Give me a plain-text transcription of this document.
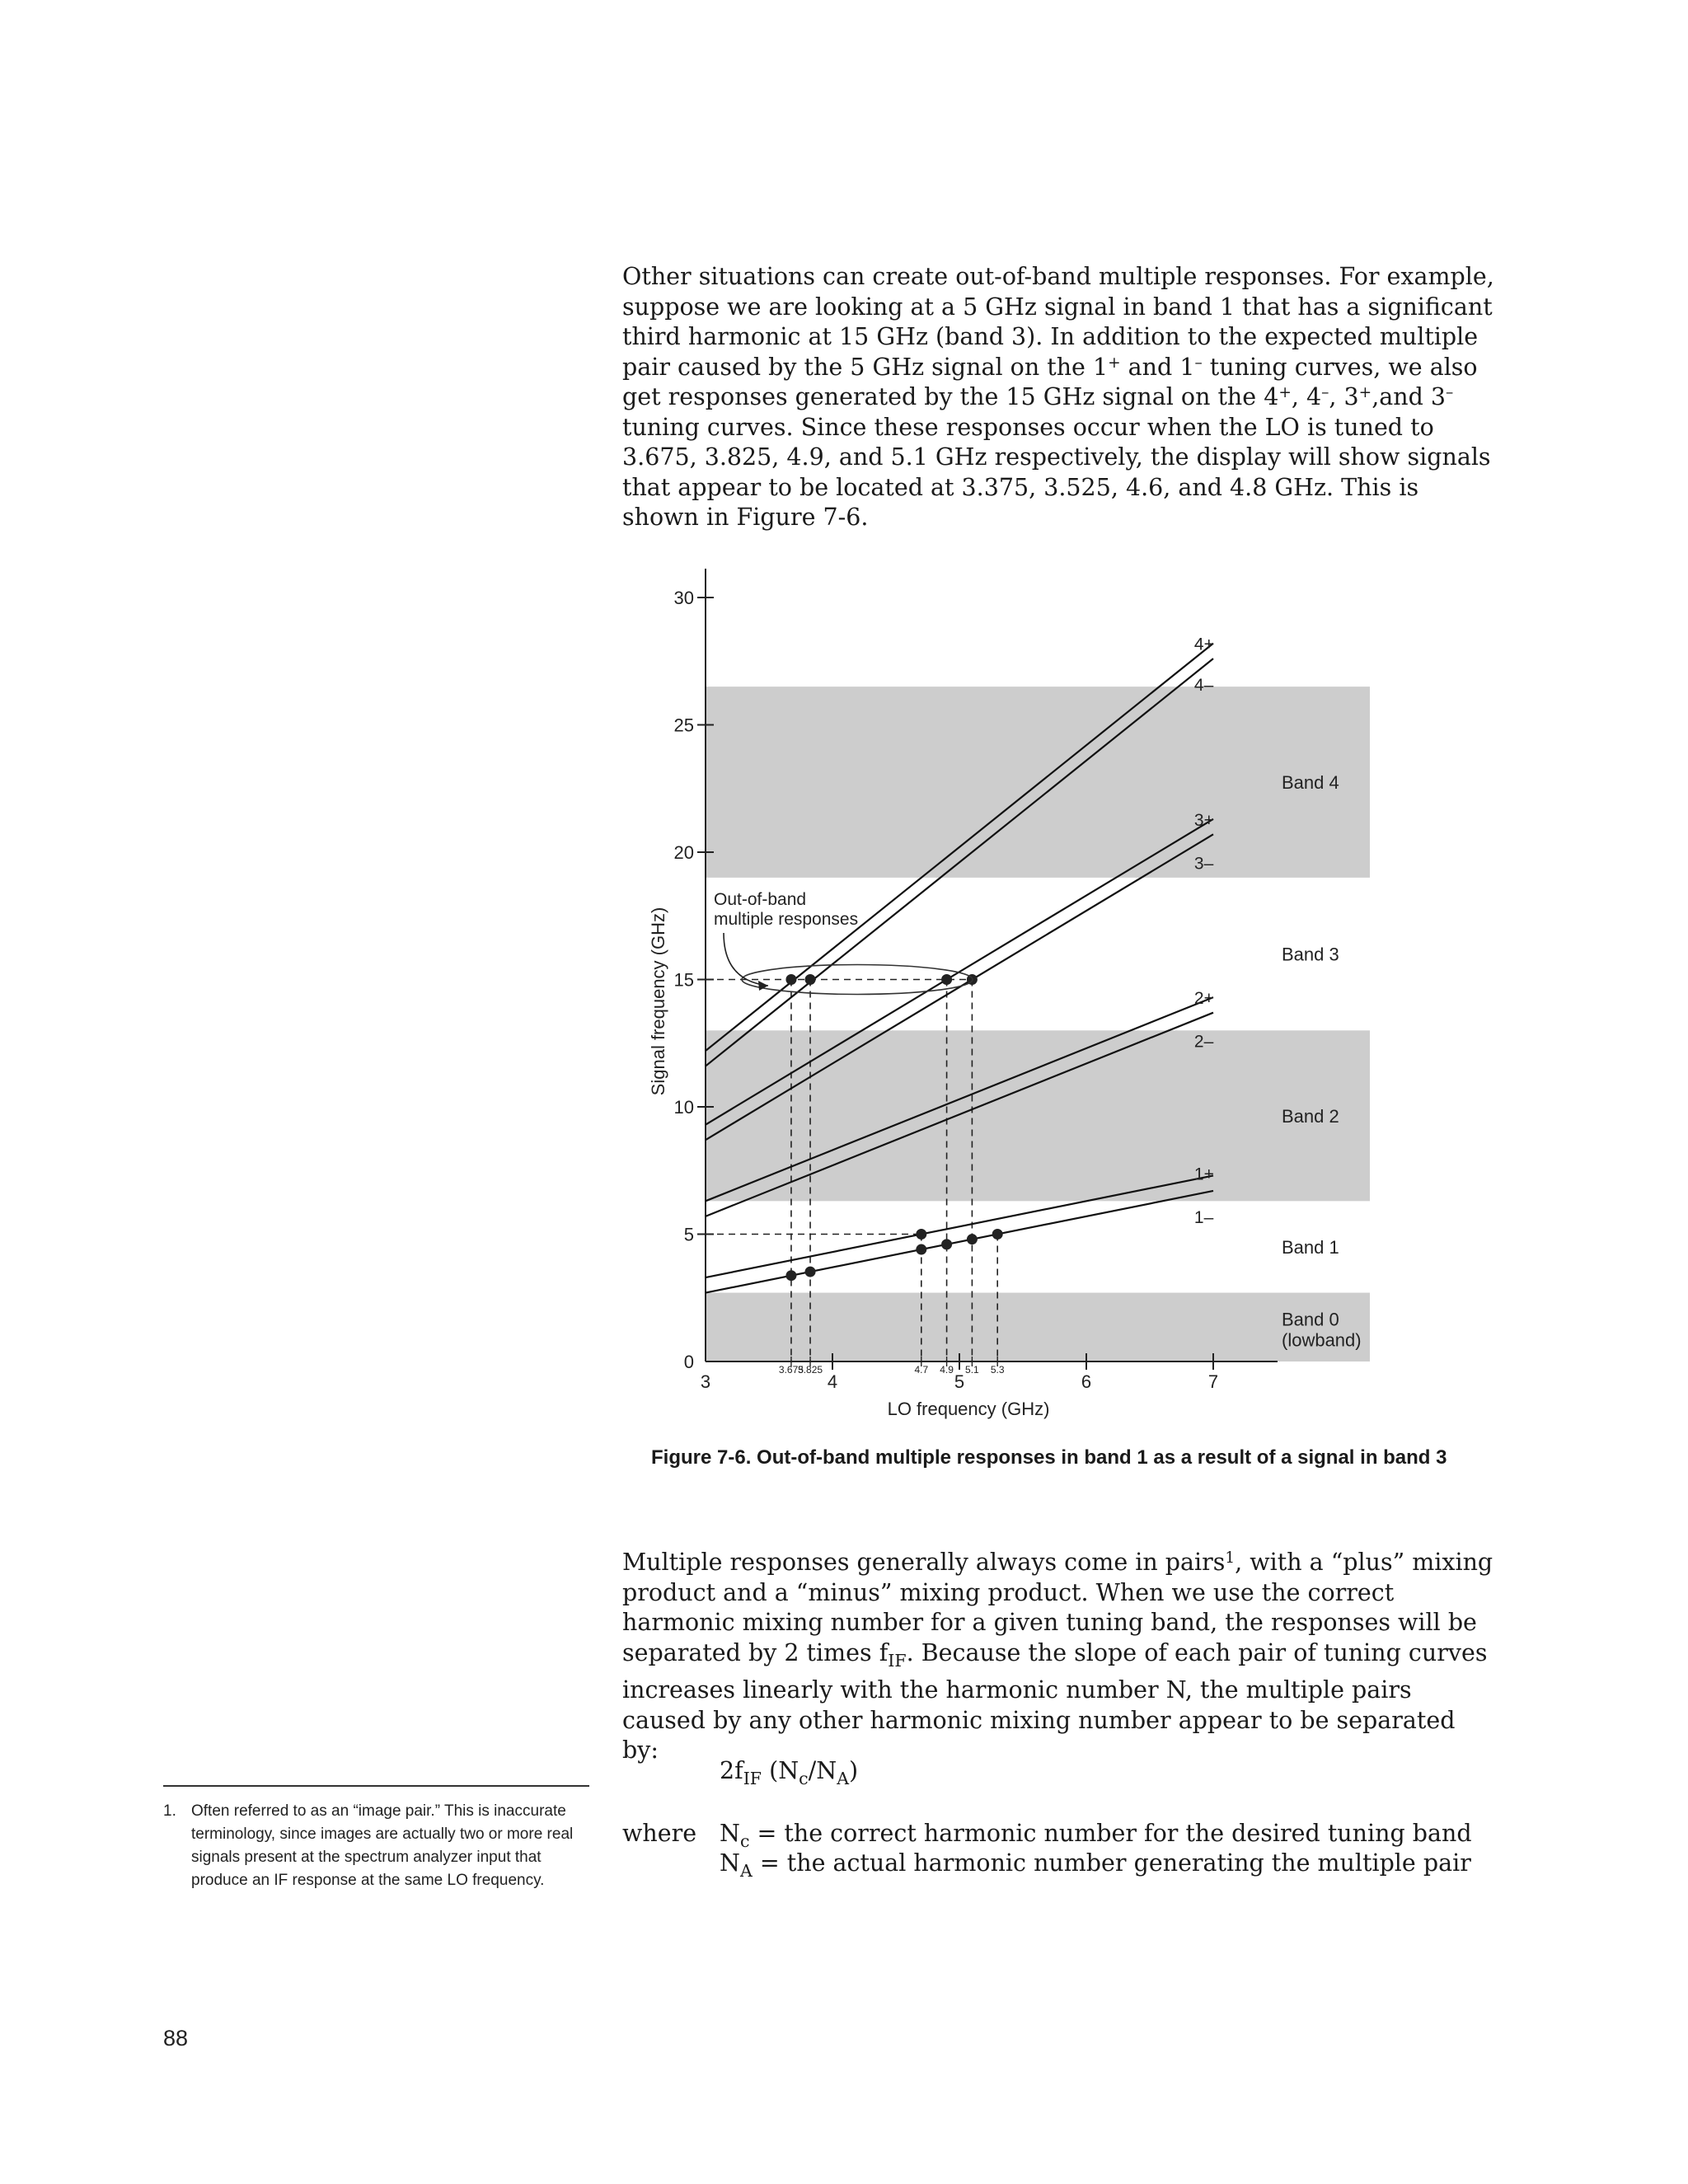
Other situations can create out-of-band multiple responses. For example, suppose we are looking at a 5 GHz signal in band 1 that has a significant third harmonic at 15 GHz (band 3). In addition to the expected multiple pair caused by the 5 GHz signal on the 1+ and 1– tuning curves, we also get responses generated by the 15 GHz signal on the 4+, 4–, 3+,and 3– tuning curves. Since these responses occur when the LO is tuned to 3.675, 3.825, 4.9, and 5.1 GHz respectively, the display will show signals that appear to be located at 3.375, 3.525, 4.6, and 4.8 GHz. This is shown in Figure 7-6.

Band 4
Band 3
Band 2
Band 1
Band 0
(lowband)
0
5
10
15
20
25
30
3	4	5	6	7
3.675
3.825	4.7 4.9 5.1 5.3
4+
4–
3+
3–
2+
2–
1+
1–
Signal frequency (GHz)
LO frequency (GHz)
Out-of-band
multiple responses

Figure 7-6. Out-of-band multiple responses in band 1 as a result of a signal in band 3

Multiple responses generally always come in pairs$^1$, with a “plus” mixing product and a “minus” mixing product. When we use the correct harmonic mixing number for a given tuning band, the responses will be separated by 2 times $f_{IF}$. Because the slope of each pair of tuning curves increases linearly with the harmonic number N, the multiple pairs caused by any other harmonic mixing number appear to be separated by:

$2f_{IF}$ $(N_c/N_A)$
where $N_c$ = the correct harmonic number for the desired tuning band
$N_A$ = the actual harmonic number generating the multiple pair
1. Often referred to as an “image pair.” This is inaccurate terminology, since images are actually two or more real signals present at the spectrum analyzer input that produce an IF response at the same LO frequency.
88
